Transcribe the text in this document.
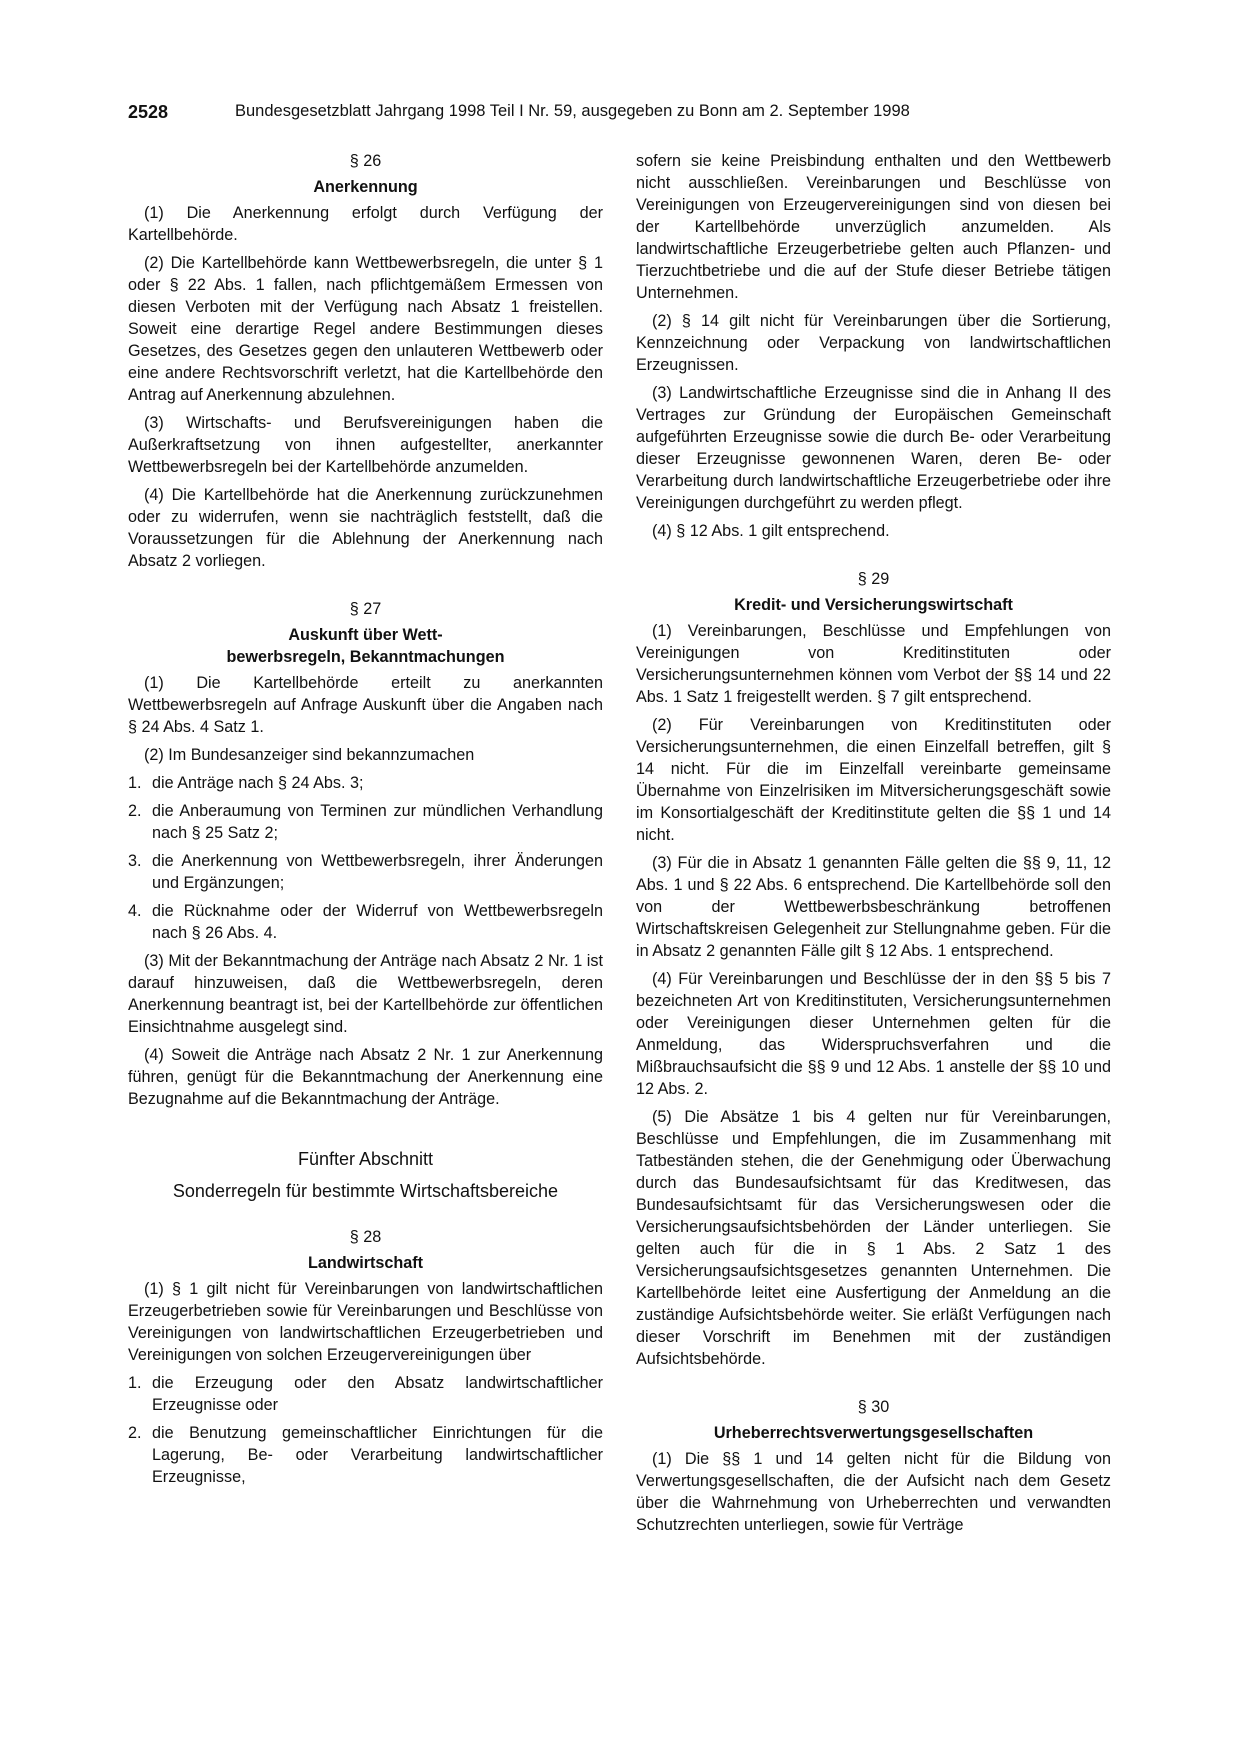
2528	Bundesgesetzblatt Jahrgang 1998 Teil I Nr. 59, ausgegeben zu Bonn am 2. September 1998
§ 26
Anerkennung

(1) Die Anerkennung erfolgt durch Verfügung der Kartellbehörde.

(2) Die Kartellbehörde kann Wettbewerbsregeln, die unter § 1 oder § 22 Abs. 1 fallen, nach pflichtgemäßem Ermessen von diesen Verboten mit der Verfügung nach Absatz 1 freistellen. Soweit eine derartige Regel andere Bestimmungen dieses Gesetzes, des Gesetzes gegen den unlauteren Wettbewerb oder eine andere Rechtsvorschrift verletzt, hat die Kartellbehörde den Antrag auf Anerkennung abzulehnen.

(3) Wirtschafts- und Berufsvereinigungen haben die Außerkraftsetzung von ihnen aufgestellter, anerkannter Wettbewerbsregeln bei der Kartellbehörde anzumelden.

(4) Die Kartellbehörde hat die Anerkennung zurückzunehmen oder zu widerrufen, wenn sie nachträglich feststellt, daß die Voraussetzungen für die Ablehnung der Anerkennung nach Absatz 2 vorliegen.

§ 27
Auskunft über Wett-
bewerbsregeln, Bekanntmachungen

(1) Die Kartellbehörde erteilt zu anerkannten Wettbewerbsregeln auf Anfrage Auskunft über die Angaben nach § 24 Abs. 4 Satz 1.

(2) Im Bundesanzeiger sind bekannzumachen

1. die Anträge nach § 24 Abs. 3;
2. die Anberaumung von Terminen zur mündlichen Verhandlung nach § 25 Satz 2;
3. die Anerkennung von Wettbewerbsregeln, ihrer Änderungen und Ergänzungen;
4. die Rücknahme oder der Widerruf von Wettbewerbsregeln nach § 26 Abs. 4.

(3) Mit der Bekanntmachung der Anträge nach Absatz 2 Nr. 1 ist darauf hinzuweisen, daß die Wettbewerbsregeln, deren Anerkennung beantragt ist, bei der Kartellbehörde zur öffentlichen Einsichtnahme ausgelegt sind.

(4) Soweit die Anträge nach Absatz 2 Nr. 1 zur Anerkennung führen, genügt für die Bekanntmachung der Anerkennung eine Bezugnahme auf die Bekanntmachung der Anträge.

Fünfter Abschnitt
Sonderregeln für bestimmte Wirtschaftsbereiche
§ 28
Landwirtschaft

(1) § 1 gilt nicht für Vereinbarungen von landwirtschaftlichen Erzeugerbetrieben sowie für Vereinbarungen und Beschlüsse von Vereinigungen von landwirtschaftlichen Erzeugerbetrieben und Vereinigungen von solchen Erzeugervereinigungen über

1. die Erzeugung oder den Absatz landwirtschaftlicher Erzeugnisse oder
2. die Benutzung gemeinschaftlicher Einrichtungen für die Lagerung, Be- oder Verarbeitung landwirtschaftlicher Erzeugnisse,

sofern sie keine Preisbindung enthalten und den Wettbewerb nicht ausschließen. Vereinbarungen und Beschlüsse von Vereinigungen von Erzeugervereinigungen sind von diesen bei der Kartellbehörde unverzüglich anzumelden. Als landwirtschaftliche Erzeugerbetriebe gelten auch Pflanzen- und Tierzuchtbetriebe und die auf der Stufe dieser Betriebe tätigen Unternehmen.

(2) § 14 gilt nicht für Vereinbarungen über die Sortierung, Kennzeichnung oder Verpackung von landwirtschaftlichen Erzeugnissen.

(3) Landwirtschaftliche Erzeugnisse sind die in Anhang II des Vertrages zur Gründung der Europäischen Gemeinschaft aufgeführten Erzeugnisse sowie die durch Be- oder Verarbeitung dieser Erzeugnisse gewonnenen Waren, deren Be- oder Verarbeitung durch landwirtschaftliche Erzeugerbetriebe oder ihre Vereinigungen durchgeführt zu werden pflegt.

(4) § 12 Abs. 1 gilt entsprechend.

§ 29
Kredit- und Versicherungswirtschaft

(1) Vereinbarungen, Beschlüsse und Empfehlungen von Vereinigungen von Kreditinstituten oder Versicherungsunternehmen können vom Verbot der §§ 14 und 22 Abs. 1 Satz 1 freigestellt werden. § 7 gilt entsprechend.

(2) Für Vereinbarungen von Kreditinstituten oder Versicherungsunternehmen, die einen Einzelfall betreffen, gilt § 14 nicht. Für die im Einzelfall vereinbarte gemeinsame Übernahme von Einzelrisiken im Mitversicherungsgeschäft sowie im Konsortialgeschäft der Kreditinstitute gelten die §§ 1 und 14 nicht.

(3) Für die in Absatz 1 genannten Fälle gelten die §§ 9, 11, 12 Abs. 1 und § 22 Abs. 6 entsprechend. Die Kartellbehörde soll den von der Wettbewerbsbeschränkung betroffenen Wirtschaftskreisen Gelegenheit zur Stellungnahme geben. Für die in Absatz 2 genannten Fälle gilt § 12 Abs. 1 entsprechend.

(4) Für Vereinbarungen und Beschlüsse der in den §§ 5 bis 7 bezeichneten Art von Kreditinstituten, Versicherungsunternehmen oder Vereinigungen dieser Unternehmen gelten für die Anmeldung, das Widerspruchsverfahren und die Mißbrauchsaufsicht die §§ 9 und 12 Abs. 1 anstelle der §§ 10 und 12 Abs. 2.

(5) Die Absätze 1 bis 4 gelten nur für Vereinbarungen, Beschlüsse und Empfehlungen, die im Zusammenhang mit Tatbeständen stehen, die der Genehmigung oder Überwachung durch das Bundesaufsichtsamt für das Kreditwesen, das Bundesaufsichtsamt für das Versicherungswesen oder die Versicherungsaufsichtsbehörden der Länder unterliegen. Sie gelten auch für die in § 1 Abs. 2 Satz 1 des Versicherungsaufsichtsgesetzes genannten Unternehmen. Die Kartellbehörde leitet eine Ausfertigung der Anmeldung an die zuständige Aufsichtsbehörde weiter. Sie erläßt Verfügungen nach dieser Vorschrift im Benehmen mit der zuständigen Aufsichtsbehörde.

§ 30
Urheberrechtsverwertungsgesellschaften

(1) Die §§ 1 und 14 gelten nicht für die Bildung von Verwertungsgesellschaften, die der Aufsicht nach dem Gesetz über die Wahrnehmung von Urheberrechten und verwandten Schutzrechten unterliegen, sowie für Verträge
